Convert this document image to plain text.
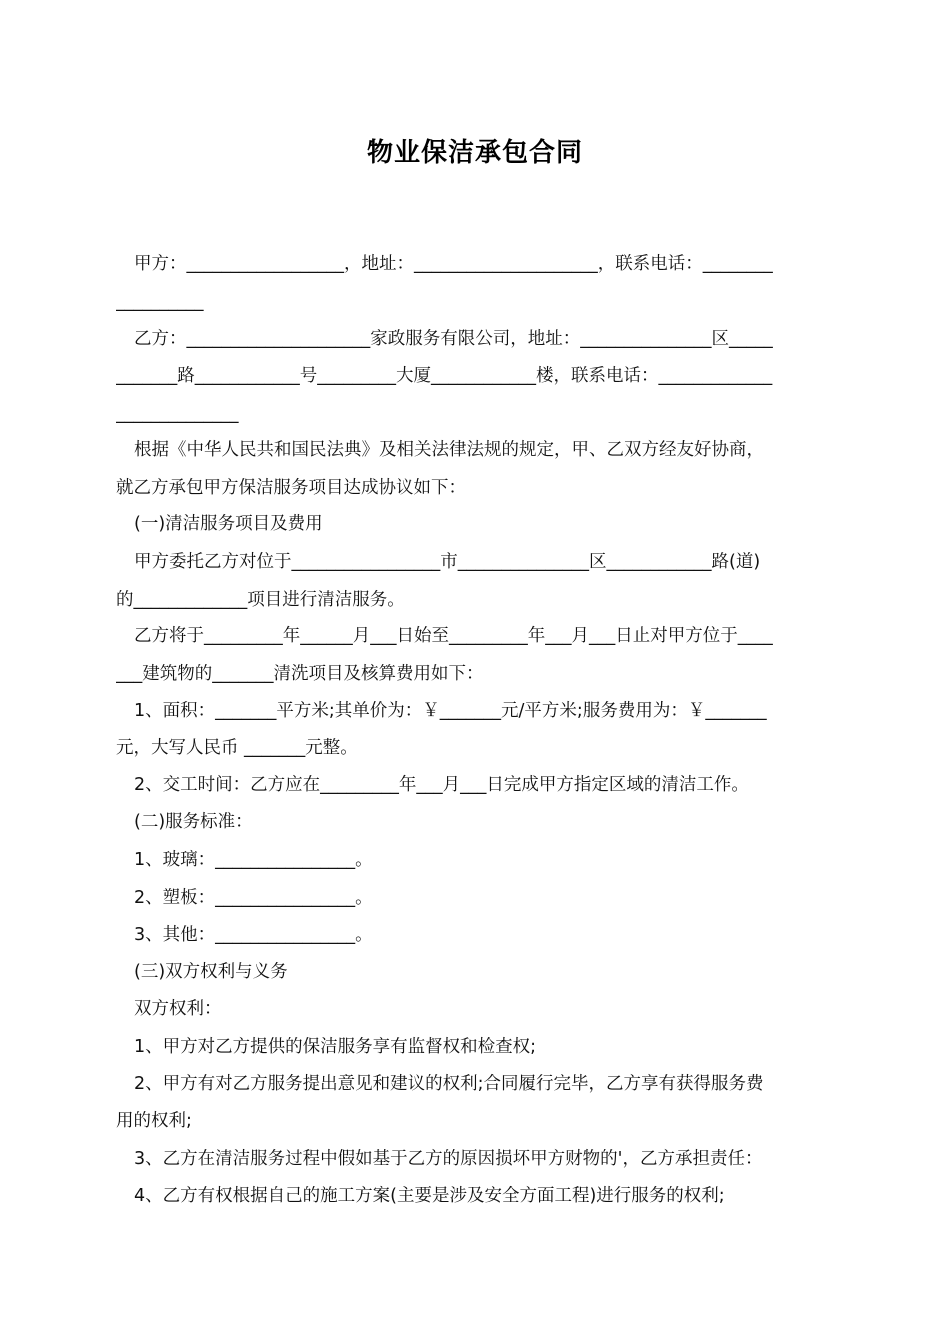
物业保洁承包合同
甲方：__________________，地址：_____________________，联系电话：________
__________
乙方：_____________________家政服务有限公司，地址：_______________区_____
_______路____________号_________大厦____________楼，联系电话：_____________
______________
根据《中华人民共和国民法典》及相关法律法规的规定，甲、乙双方经友好协商，
就乙方承包甲方保洁服务项目达成协议如下：
(一)清洁服务项目及费用
甲方委托乙方对位于_________________市_______________区____________路(道)
的_____________项目进行清洁服务。
乙方将于_________年______月___日始至_________年___月___日止对甲方位于____
___建筑物的_______清洗项目及核算费用如下：
1、面积：_______平方米;其单价为：￥_______元/平方米;服务费用为：￥_______
元，大写人民币 _______元整。
2、交工时间：乙方应在_________年___月___日完成甲方指定区域的清洁工作。
(二)服务标准：
1、玻璃：________________。
2、塑板：________________。
3、其他：________________。
(三)双方权利与义务
双方权利：
1、甲方对乙方提供的保洁服务享有监督权和检查权;
2、甲方有对乙方服务提出意见和建议的权利;合同履行完毕，乙方享有获得服务费
用的权利;
3、乙方在清洁服务过程中假如基于乙方的原因损坏甲方财物的'，乙方承担责任：
4、乙方有权根据自己的施工方案(主要是涉及安全方面工程)进行服务的权利;
